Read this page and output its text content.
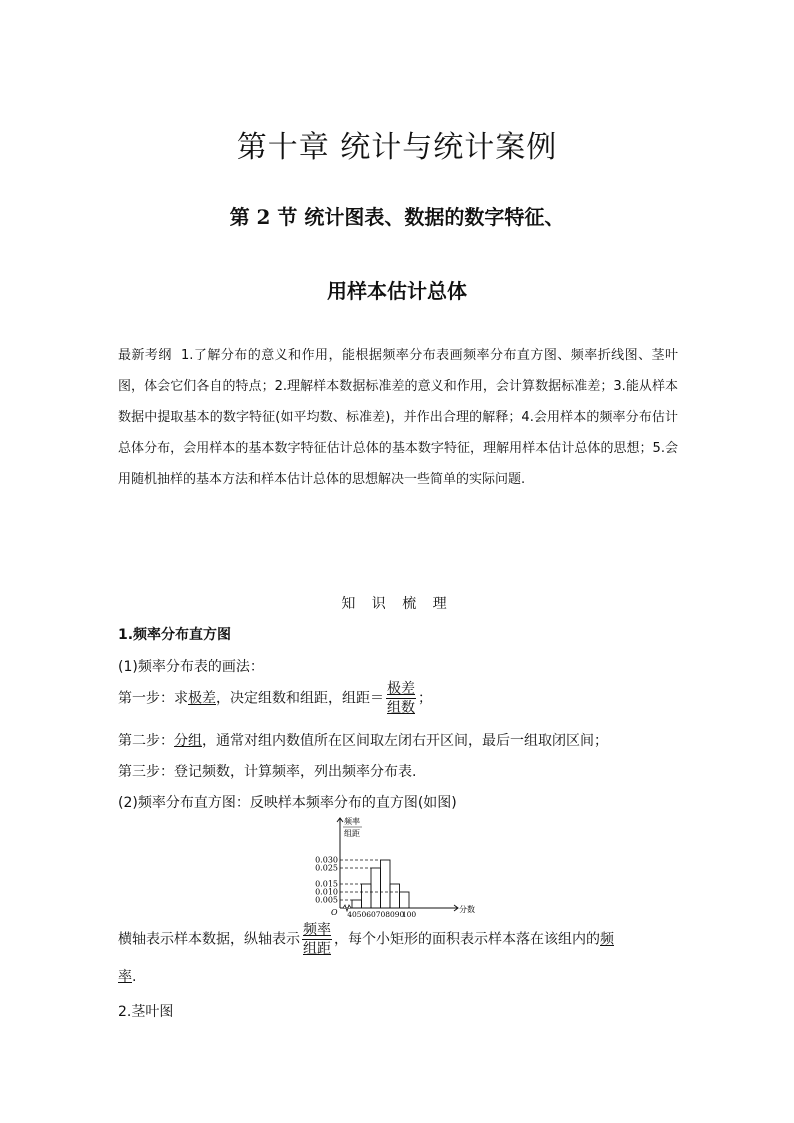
第十章 统计与统计案例
第 2 节 统计图表、数据的数字特征、
用样本估计总体
最新考纲 1.了解分布的意义和作用，能根据频率分布表画频率分布直方图、频率折线图、茎叶图，体会它们各自的特点；2.理解样本数据标准差的意义和作用，会计算数据标准差；3.能从样本数据中提取基本的数字特征(如平均数、标准差)，并作出合理的解释；4.会用样本的频率分布估计总体分布，会用样本的基本数字特征估计总体的基本数字特征，理解用样本估计总体的思想；5.会用随机抽样的基本方法和样本估计总体的思想解决一些简单的实际问题.
知 识 梳 理
1.频率分布直方图
(1)频率分布表的画法：
第一步：求极差，决定组数和组距，组距＝ $\frac{\text{极差}}{\text{组数}}$ ；
第二步：分组，通常对组内数值所在区间取左闭右开区间，最后一组取闭区间；
第三步：登记频数，计算频率，列出频率分布表.
(2)频率分布直方图：反映样本频率分布的直方图(如图)
频率
组距
O	分数
0.030
0.025
0.015
0.010
0.005
40 50 60 70 80 90
100
横轴表示样本数据，纵轴表示 $\frac{\text{频率}}{\text{组距}}$ ，每个小矩形的面积表示样本落在该组内的频
率.
2.茎叶图
